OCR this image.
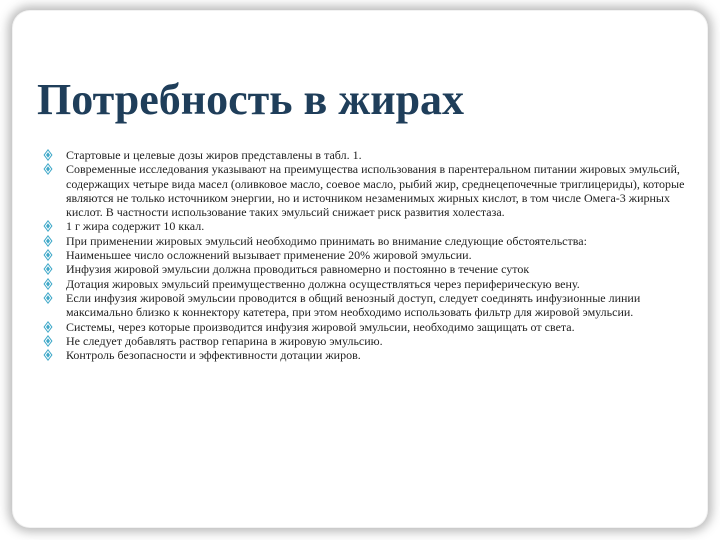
Потребность в жирах
Стартовые и целевые дозы жиров представлены в табл. 1.
Современные исследования указывают на преимущества использования в парентеральном питании жировых эмульсий, содержащих четыре вида масел (оливковое масло, соевое масло, рыбий жир, среднецепочечные триглицериды), которые являются не только источником энергии, но и источником незаменимых жирных кислот, в том числе Омега-3 жирных кислот. В частности использование таких эмульсий снижает риск развития холестаза.
1 г жира содержит 10 ккал.
При применении жировых эмульсий необходимо принимать во внимание следующие обстоятельства:
Наименьшее число осложнений вызывает применение 20% жировой эмульсии.
Инфузия жировой эмульсии должна проводиться равномерно и постоянно в течение суток
Дотация жировых эмульсий преимущественно должна осуществляться через периферическую вену.
Если инфузия жировой эмульсии проводится в общий венозный доступ, следует соединять инфузионные линии максимально близко к коннектору катетера, при этом необходимо использовать фильтр для жировой эмульсии.
Системы, через которые производится инфузия жировой эмульсии, необходимо защищать от света.
Не следует добавлять раствор гепарина в жировую эмульсию.
Контроль безопасности и эффективности дотации жиров.
